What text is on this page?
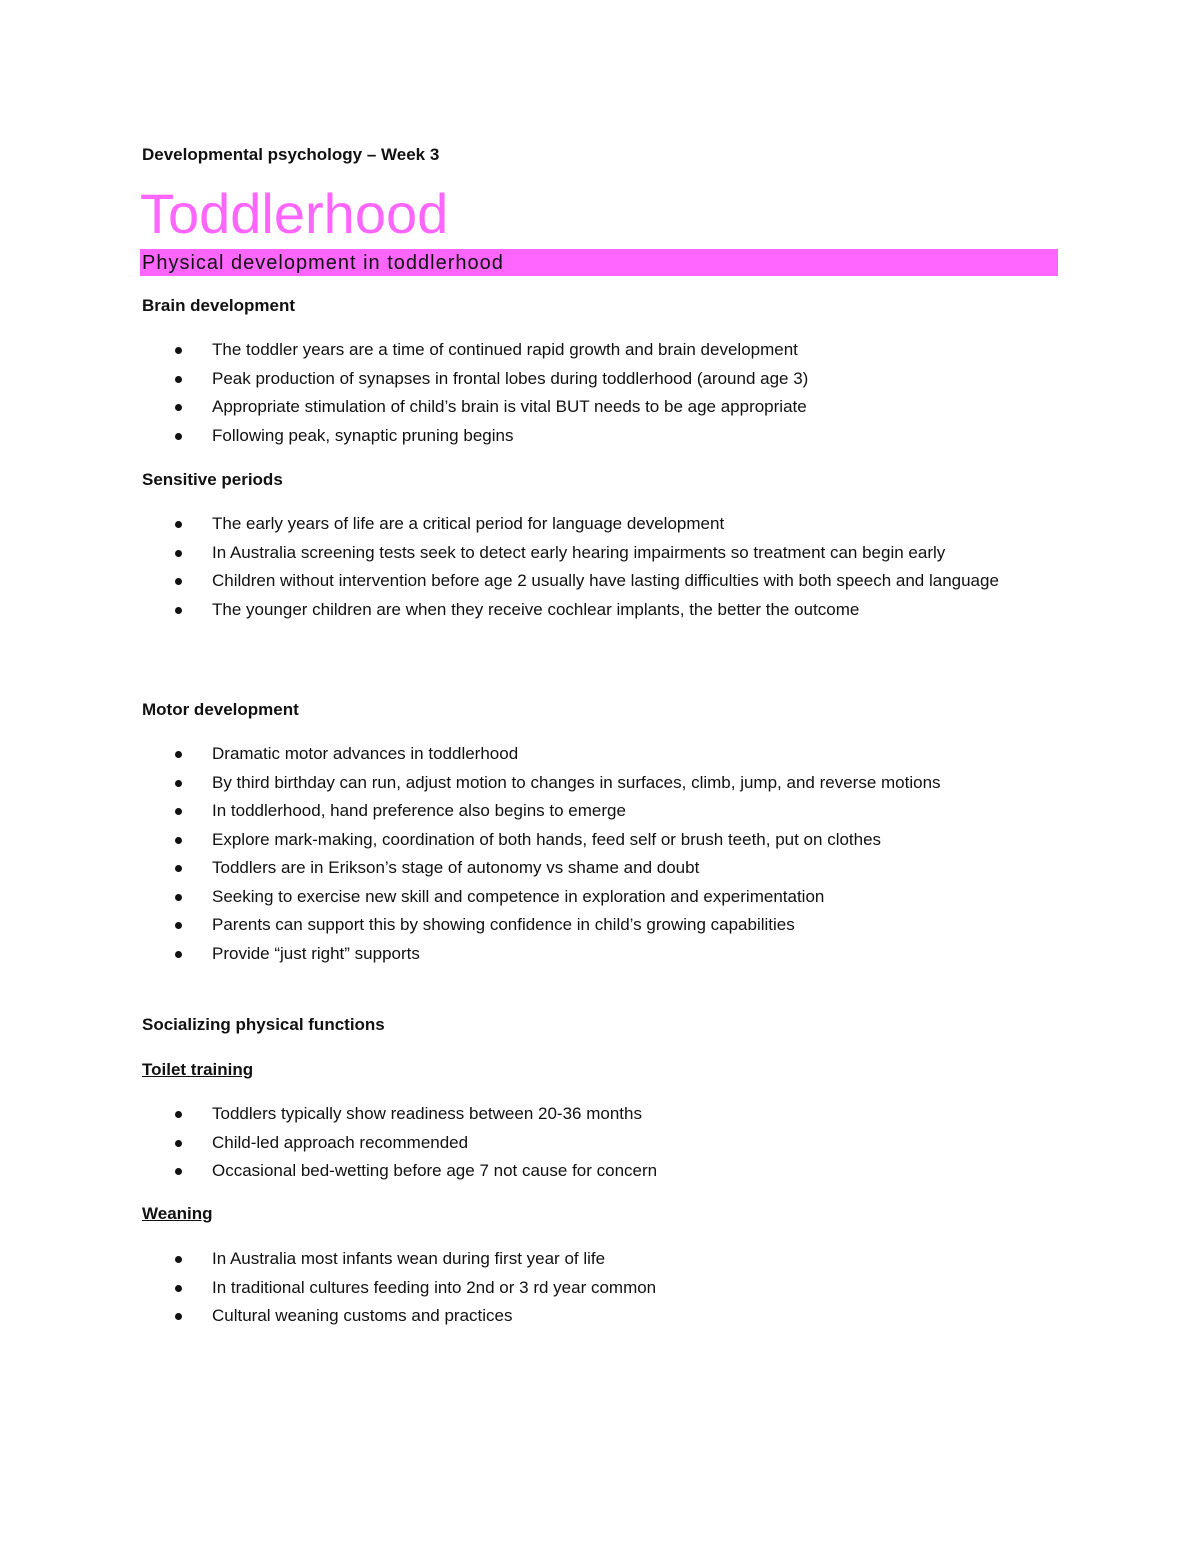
Developmental psychology – Week 3
Toddlerhood
Physical development in toddlerhood
Brain development
The toddler years are a time of continued rapid growth and brain development
Peak production of synapses in frontal lobes during toddlerhood (around age 3)
Appropriate stimulation of child’s brain is vital BUT needs to be age appropriate
Following peak, synaptic pruning begins
Sensitive periods
The early years of life are a critical period for language development
In Australia screening tests seek to detect early hearing impairments so treatment can begin early
Children without intervention before age 2 usually have lasting difficulties with both speech and language
The younger children are when they receive cochlear implants, the better the outcome
Motor development
Dramatic motor advances in toddlerhood
By third birthday can run, adjust motion to changes in surfaces, climb, jump, and reverse motions
In toddlerhood, hand preference also begins to emerge
Explore mark-making, coordination of both hands, feed self or brush teeth, put on clothes
Toddlers are in Erikson’s stage of autonomy vs shame and doubt
Seeking to exercise new skill and competence in exploration and experimentation
Parents can support this by showing confidence in child’s growing capabilities
Provide “just right” supports
Socializing physical functions
Toilet training
Toddlers typically show readiness between 20-36 months
Child-led approach recommended
Occasional bed-wetting before age 7 not cause for concern
Weaning
In Australia most infants wean during first year of life
In traditional cultures feeding into 2nd or 3 rd year common
Cultural weaning customs and practices
